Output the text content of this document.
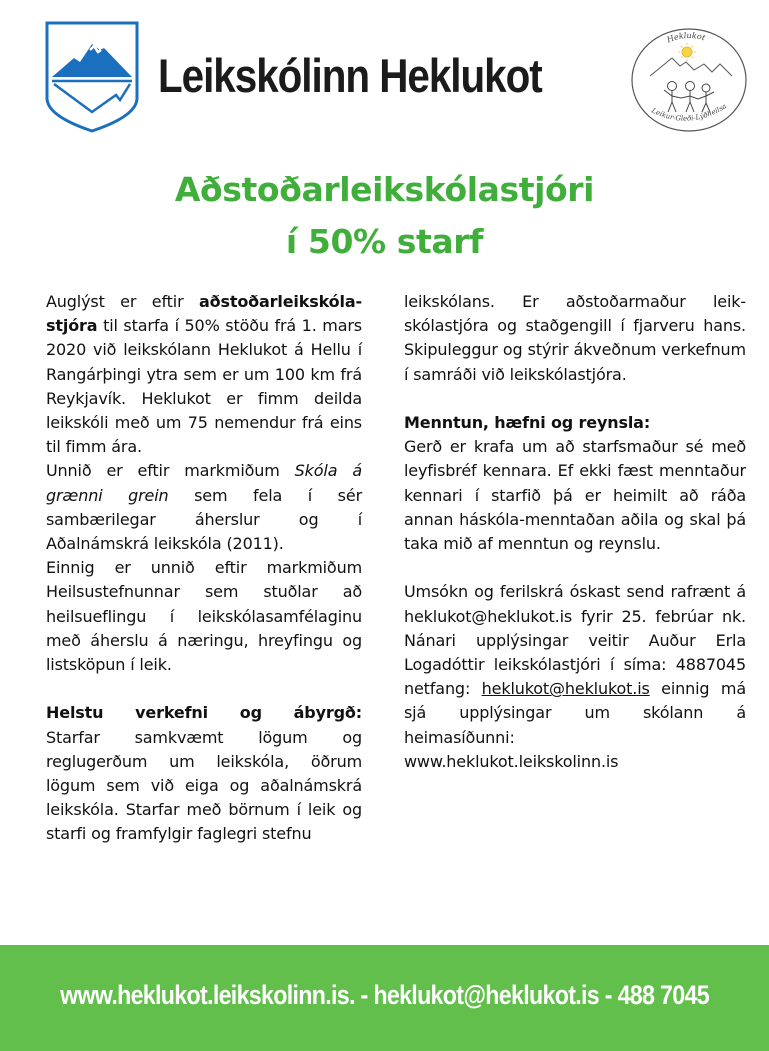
Leikskólinn Heklukot
Heklukot
Leikur-Gleði-Lýðheilsa
Aðstoðarleikskólastjóri
í 50% starf

Auglýst er eftir aðstoðarleikskóla-stjóra til starfa í 50% stöðu frá 1. mars 2020 við leikskólann Heklukot á Hellu í Rangárþingi ytra sem er um 100 km frá Reykjavík. Heklukot er fimm deilda leikskóli með um 75 nemendur frá eins til fimm ára.

Unnið er eftir markmiðum Skóla á grænni grein sem fela í sér sambærilegar áherslur og í Aðalnámskrá leikskóla (2011).

Einnig er unnið eftir markmiðum Heilsustefnunnar sem stuðlar að heilsueflingu í leikskólasamfélaginu með áherslu á næringu, hreyfingu og listsköpun í leik.

Helstu verkefni og ábyrgð:

Starfar samkvæmt lögum og reglugerðum um leikskóla, öðrum lögum sem við eiga og aðalnámskrá leikskóla. Starfar með börnum í leik og starfi og framfylgir faglegri stefnu

leikskólans. Er aðstoðarmaður leik-skólastjóra og staðgengill í fjarveru hans. Skipuleggur og stýrir ákveðnum verkefnum í samráði við leikskólastjóra.

Menntun, hæfni og reynsla:

Gerð er krafa um að starfsmaður sé með leyfisbréf kennara. Ef ekki fæst menntaður kennari í starfið þá er heimilt að ráða annan háskóla-menntaðan aðila og skal þá taka mið af menntun og reynslu.

Umsókn og ferilskrá óskast send rafrænt á heklukot@heklukot.is fyrir 25. febrúar nk. Nánari upplýsingar veitir Auður Erla Logadóttir leikskólastjóri í síma: 4887045 netfang: heklukot@heklukot.is einnig má sjá upplýsingar um skólann á heimasíðunni:
www.heklukot.leikskolinn.is

www.heklukot.leikskolinn.is. - heklukot@heklukot.is - 488 7045
